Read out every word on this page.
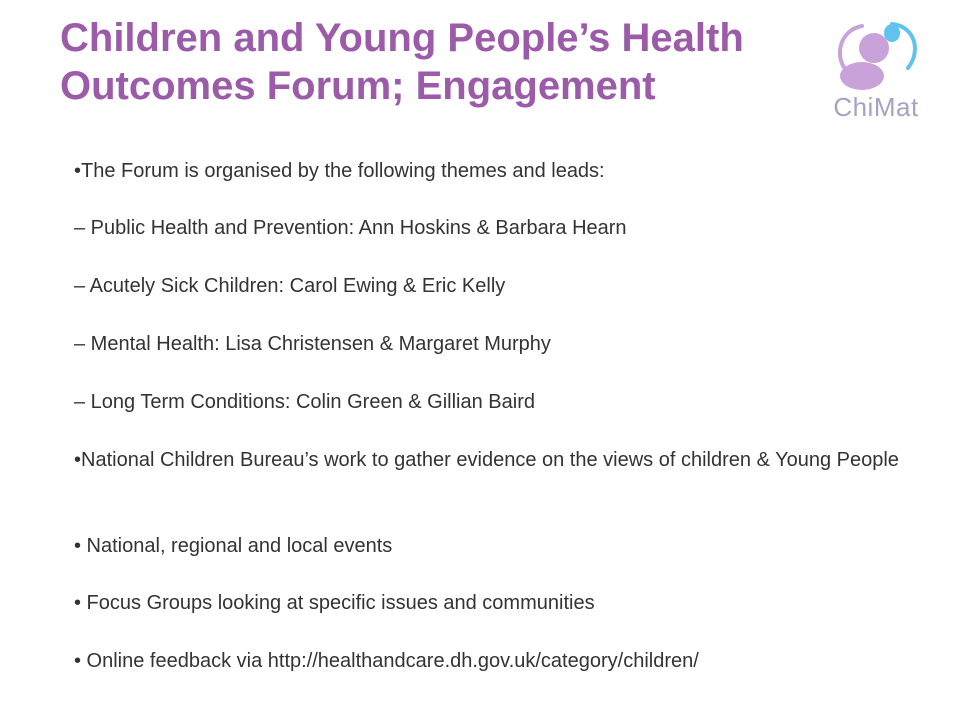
Children and Young People’s Health
Outcomes Forum; Engagement	ChiMat
•The Forum is organised by the following themes and leads:
– Public Health and Prevention: Ann Hoskins & Barbara Hearn
– Acutely Sick Children: Carol Ewing & Eric Kelly
– Mental Health: Lisa Christensen & Margaret Murphy
– Long Term Conditions: Colin Green & Gillian Baird
•National Children Bureau’s work to gather evidence on the views of children & Young People
• National, regional and local events
• Focus Groups looking at specific issues and communities
• Online feedback via http://healthandcare.dh.gov.uk/category/children/
